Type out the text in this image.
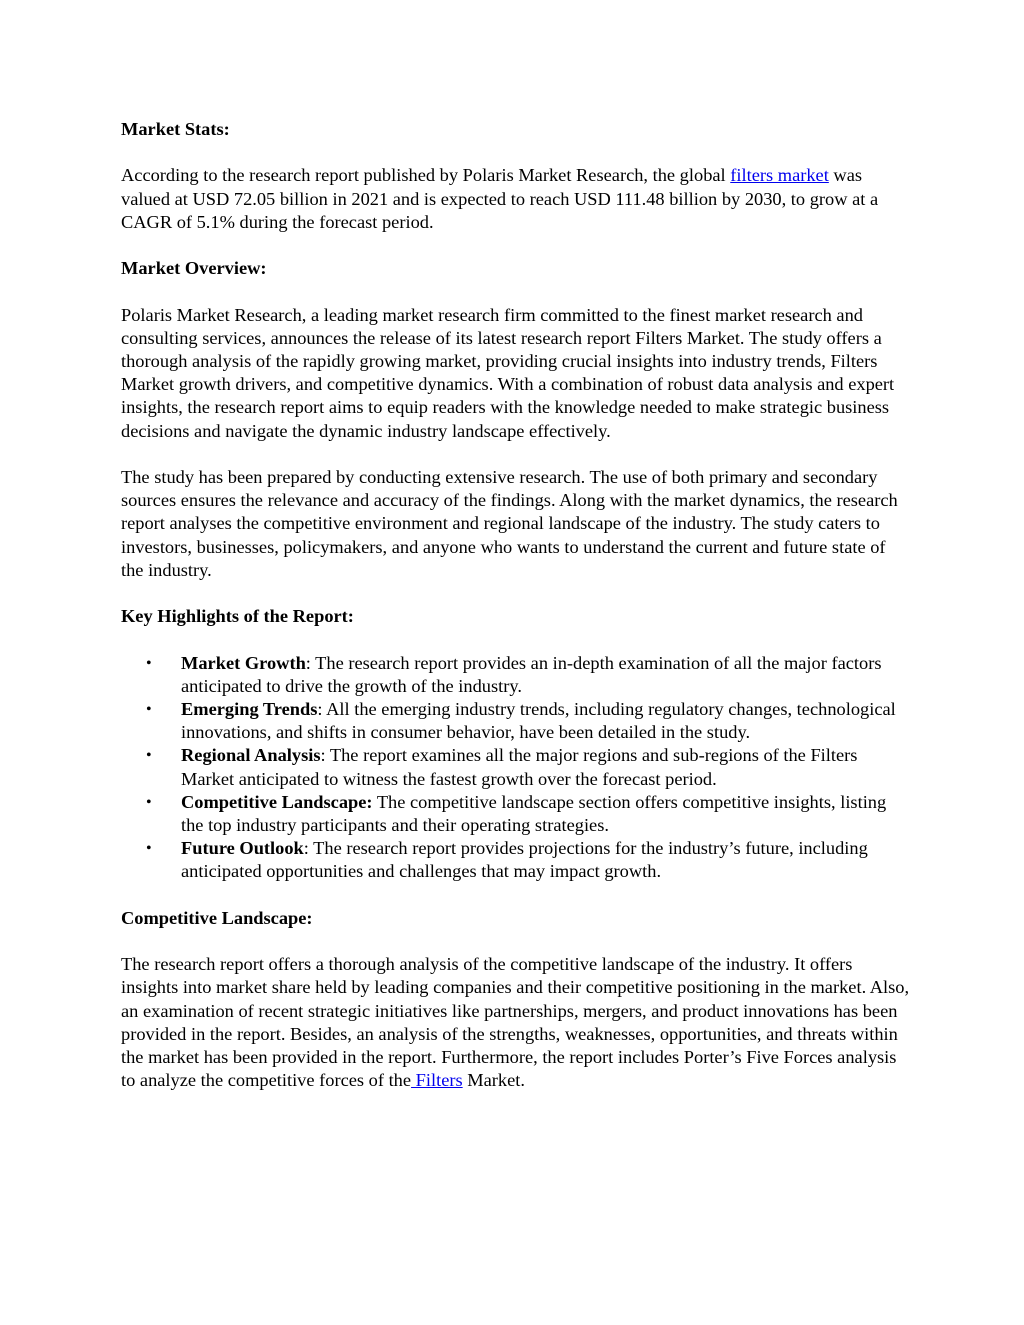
Market Stats:

According to the research report published by Polaris Market Research, the global filters market was valued at USD 72.05 billion in 2021 and is expected to reach USD 111.48 billion by 2030, to grow at a CAGR of 5.1% during the forecast period.

Market Overview:

Polaris Market Research, a leading market research firm committed to the finest market research and consulting services, announces the release of its latest research report Filters Market. The study offers a thorough analysis of the rapidly growing market, providing crucial insights into industry trends, Filters Market growth drivers, and competitive dynamics. With a combination of robust data analysis and expert insights, the research report aims to equip readers with the knowledge needed to make strategic business decisions and navigate the dynamic industry landscape effectively.

The study has been prepared by conducting extensive research. The use of both primary and secondary sources ensures the relevance and accuracy of the findings. Along with the market dynamics, the research report analyses the competitive environment and regional landscape of the industry. The study caters to investors, businesses, policymakers, and anyone who wants to understand the current and future state of the industry.

Key Highlights of the Report:

• Market Growth: The research report provides an in-depth examination of all the major factors anticipated to drive the growth of the industry.
• Emerging Trends: All the emerging industry trends, including regulatory changes, technological innovations, and shifts in consumer behavior, have been detailed in the study.
• Regional Analysis: The report examines all the major regions and sub-regions of the Filters Market anticipated to witness the fastest growth over the forecast period.
• Competitive Landscape: The competitive landscape section offers competitive insights, listing the top industry participants and their operating strategies.
• Future Outlook: The research report provides projections for the industry’s future, including anticipated opportunities and challenges that may impact growth.

Competitive Landscape:

The research report offers a thorough analysis of the competitive landscape of the industry. It offers insights into market share held by leading companies and their competitive positioning in the market. Also, an examination of recent strategic initiatives like partnerships, mergers, and product innovations has been provided in the report. Besides, an analysis of the strengths, weaknesses, opportunities, and threats within the market has been provided in the report. Furthermore, the report includes Porter’s Five Forces analysis to analyze the competitive forces of the Filters Market.
